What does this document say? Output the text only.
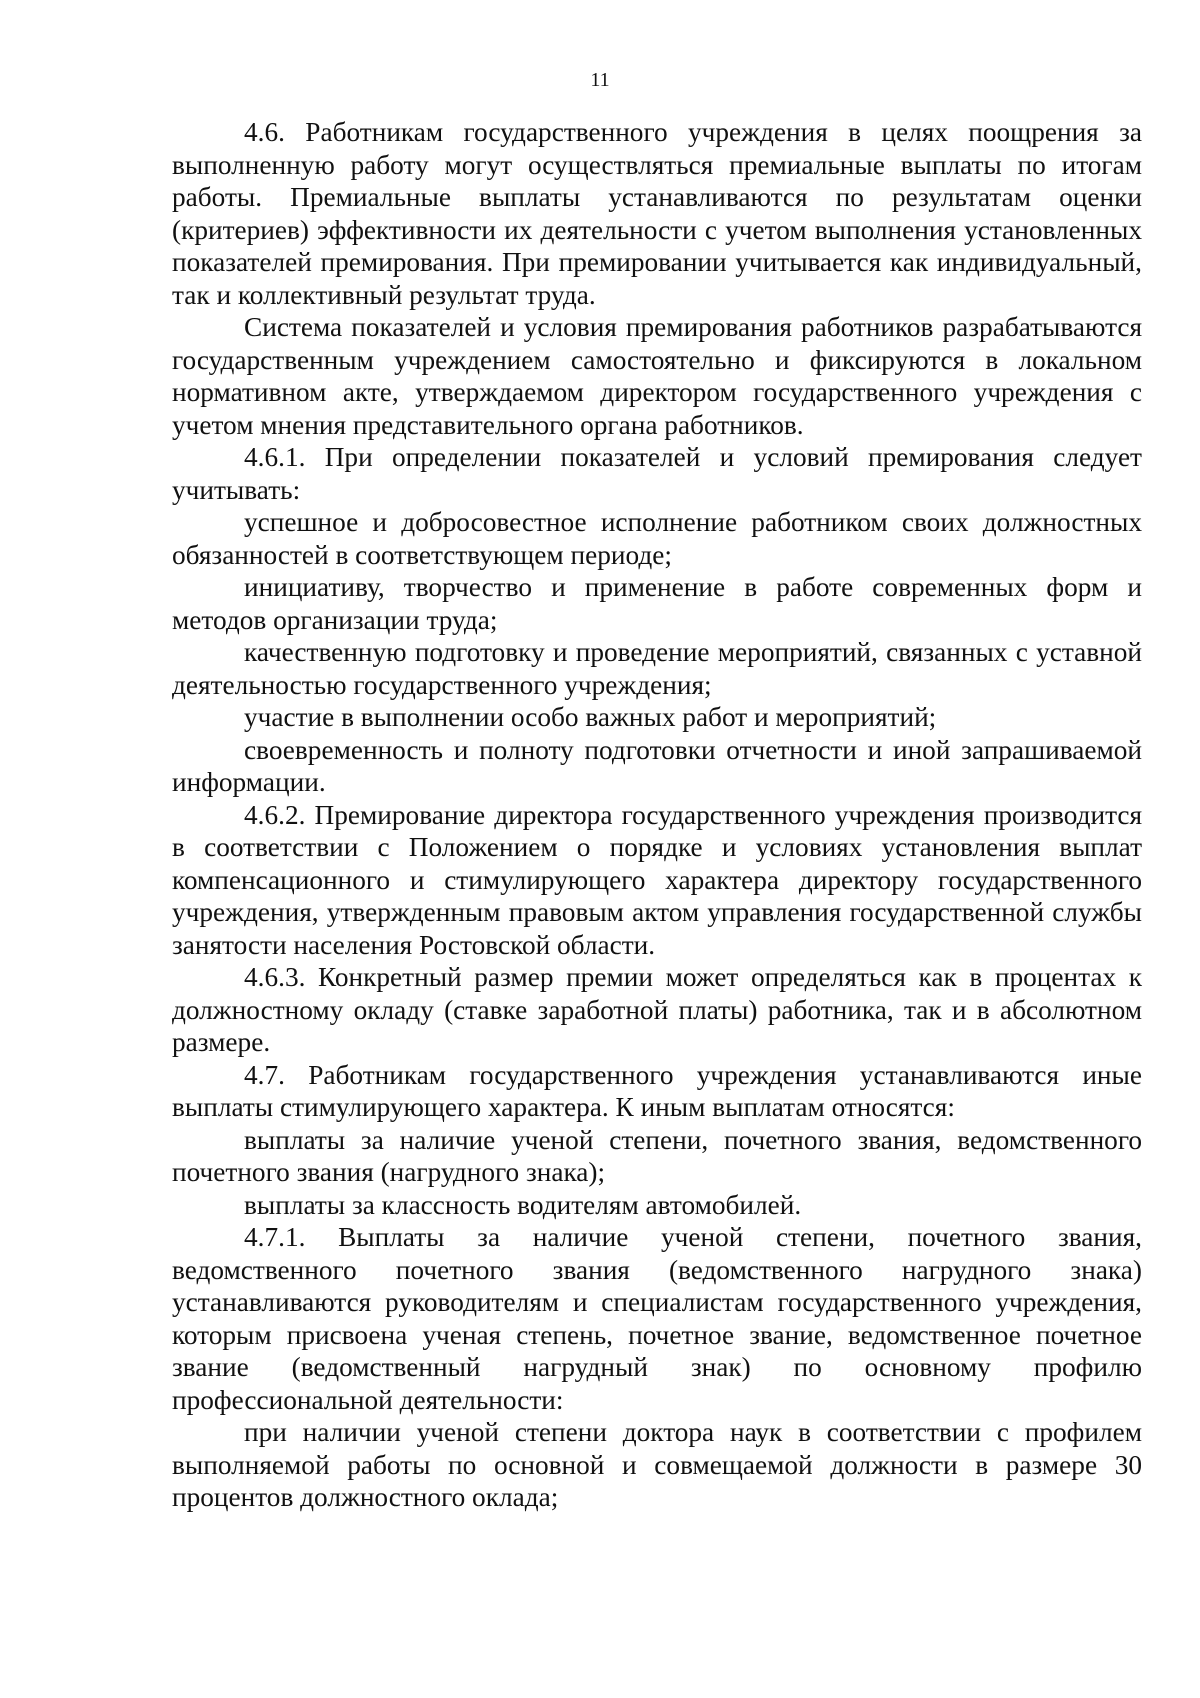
11

4.6. Работникам государственного учреждения в целях поощрения за выполненную работу могут осуществляться премиальные выплаты по итогам работы. Премиальные выплаты устанавливаются по результатам оценки (критериев) эффективности их деятельности с учетом выполнения установленных показателей премирования. При премировании учитывается как индивидуальный, так и коллективный результат труда.

Система показателей и условия премирования работников разрабатываются государственным учреждением самостоятельно и фиксируются в локальном нормативном акте, утверждаемом директором государственного учреждения с учетом мнения представительного органа работников.

4.6.1. При определении показателей и условий премирования следует учитывать:

успешное и добросовестное исполнение работником своих должностных обязанностей в соответствующем периоде;

инициативу, творчество и применение в работе современных форм и методов организации труда;

качественную подготовку и проведение мероприятий, связанных с уставной деятельностью государственного учреждения;

участие в выполнении особо важных работ и мероприятий;

своевременность и полноту подготовки отчетности и иной запрашиваемой информации.

4.6.2. Премирование директора государственного учреждения производится в соответствии с Положением о порядке и условиях установления выплат компенсационного и стимулирующего характера директору государственного учреждения, утвержденным правовым актом управления государственной службы занятости населения Ростовской области.

4.6.3. Конкретный размер премии может определяться как в процентах к должностному окладу (ставке заработной платы) работника, так и в абсолютном размере.

4.7. Работникам государственного учреждения устанавливаются иные выплаты стимулирующего характера. К иным выплатам относятся:

выплаты за наличие ученой степени, почетного звания, ведомственного почетного звания (нагрудного знака);

выплаты за классность водителям автомобилей.

4.7.1. Выплаты за наличие ученой степени, почетного звания, ведомственного почетного звания (ведомственного нагрудного знака) устанавливаются руководителям и специалистам государственного учреждения, которым присвоена ученая степень, почетное звание, ведомственное почетное звание (ведомственный нагрудный знак) по основному профилю профессиональной деятельности:

при наличии ученой степени доктора наук в соответствии с профилем выполняемой работы по основной и совмещаемой должности в размере 30 процентов должностного оклада;
